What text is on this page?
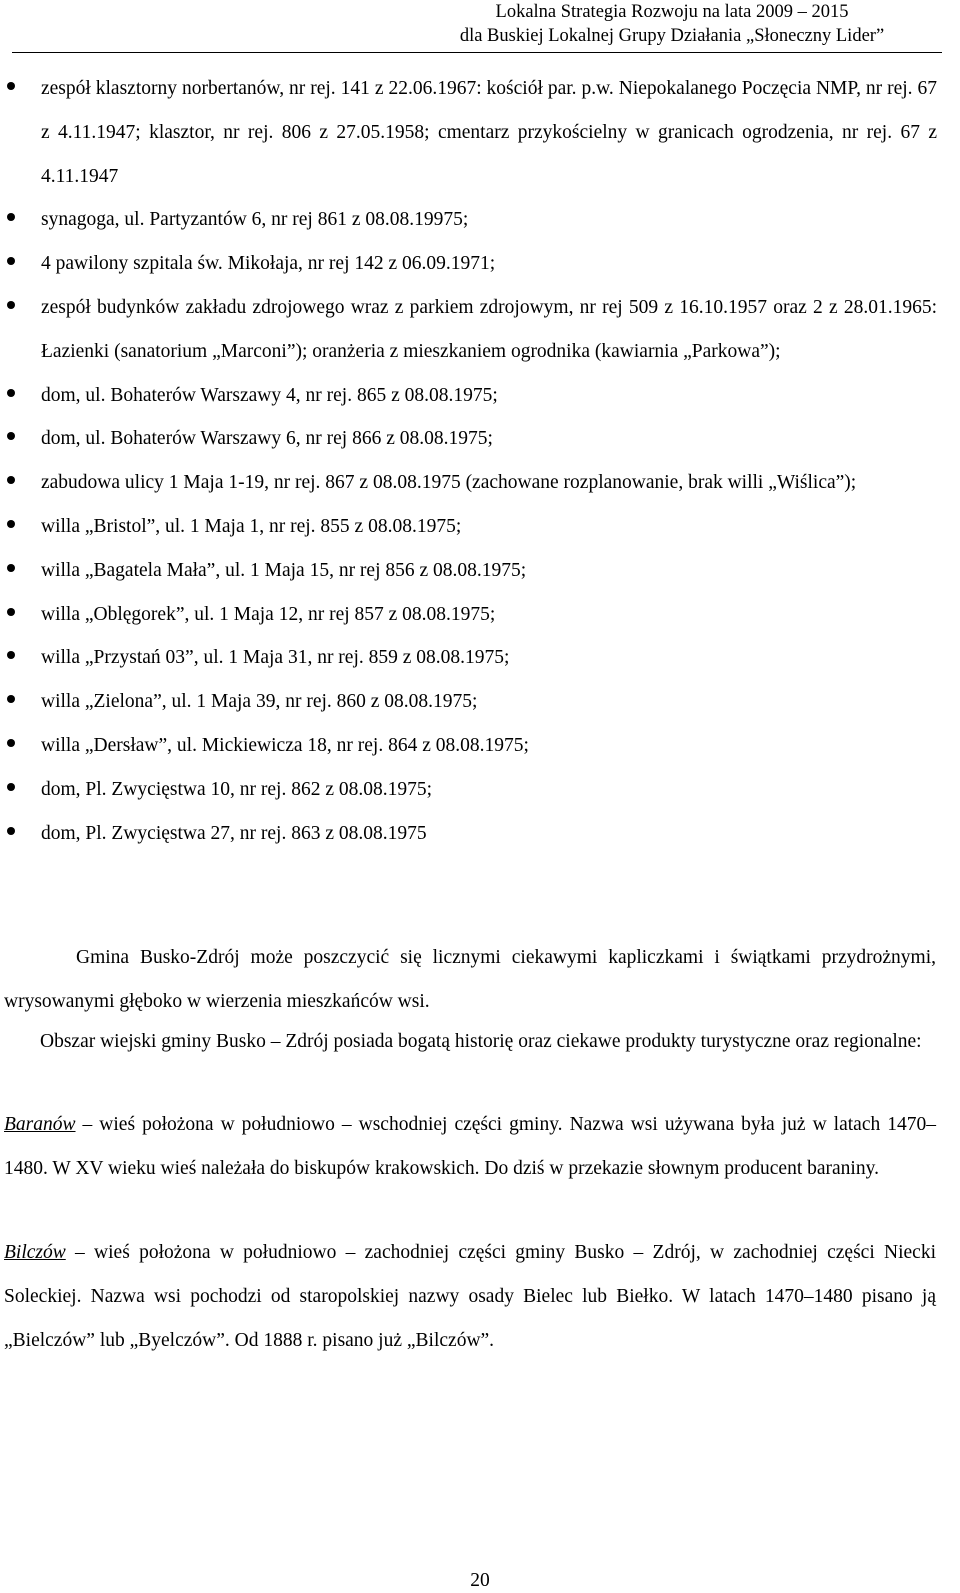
Lokalna Strategia Rozwoju na lata 2009 – 2015
dla Buskiej Lokalnej Grupy Działania „Słoneczny Lider”
zespół klasztorny norbertanów, nr rej. 141 z 22.06.1967: kościół par. p.w. Niepokalanego Poczęcia NMP, nr rej. 67 z 4.11.1947; klasztor, nr rej. 806 z 27.05.1958; cmentarz przykościelny w granicach ogrodzenia, nr rej. 67 z 4.11.1947
synagoga, ul. Partyzantów 6, nr rej 861 z 08.08.19975;
4 pawilony szpitala św. Mikołaja, nr rej 142 z 06.09.1971;
zespół budynków zakładu zdrojowego wraz z parkiem zdrojowym, nr rej 509 z 16.10.1957 oraz 2 z 28.01.1965: Łazienki (sanatorium „Marconi”); oranżeria z mieszkaniem ogrodnika (kawiarnia „Parkowa”);
dom, ul. Bohaterów Warszawy 4, nr rej. 865 z 08.08.1975;
dom, ul. Bohaterów Warszawy 6, nr rej 866 z 08.08.1975;
zabudowa ulicy 1 Maja 1-19, nr rej. 867 z 08.08.1975 (zachowane rozplanowanie, brak willi „Wiślica”);
willa „Bristol”, ul. 1 Maja 1, nr rej. 855 z 08.08.1975;
willa „Bagatela Mała”, ul. 1 Maja 15, nr rej 856 z 08.08.1975;
willa „Oblęgorek”, ul. 1 Maja 12, nr rej 857 z 08.08.1975;
willa „Przystań 03”, ul. 1 Maja 31, nr rej. 859 z 08.08.1975;
willa „Zielona”, ul. 1 Maja 39, nr rej. 860 z 08.08.1975;
willa „Dersław”, ul. Mickiewicza 18, nr rej. 864 z 08.08.1975;
dom, Pl. Zwycięstwa 10, nr rej. 862 z 08.08.1975;
dom, Pl. Zwycięstwa 27, nr rej. 863 z 08.08.1975

Gmina Busko-Zdrój może poszczycić się licznymi ciekawymi kapliczkami i świątkami przydrożnymi, wrysowanymi głęboko w wierzenia mieszkańców wsi.

Obszar wiejski gminy Busko – Zdrój posiada bogatą historię oraz ciekawe produkty turystyczne oraz regionalne:

Baranów – wieś położona w południowo – wschodniej części gminy. Nazwa wsi używana była już w latach 1470–1480. W XV wieku wieś należała do biskupów krakowskich. Do dziś w przekazie słownym producent baraniny.

Bilczów – wieś położona w południowo – zachodniej części gminy Busko – Zdrój, w zachodniej części Niecki Soleckiej. Nazwa wsi pochodzi od staropolskiej nazwy osady Bielec lub Biełko. W latach 1470–1480 pisano ją „Bielczów” lub „Byelczów”. Od 1888 r. pisano już „Bilczów”.

20
